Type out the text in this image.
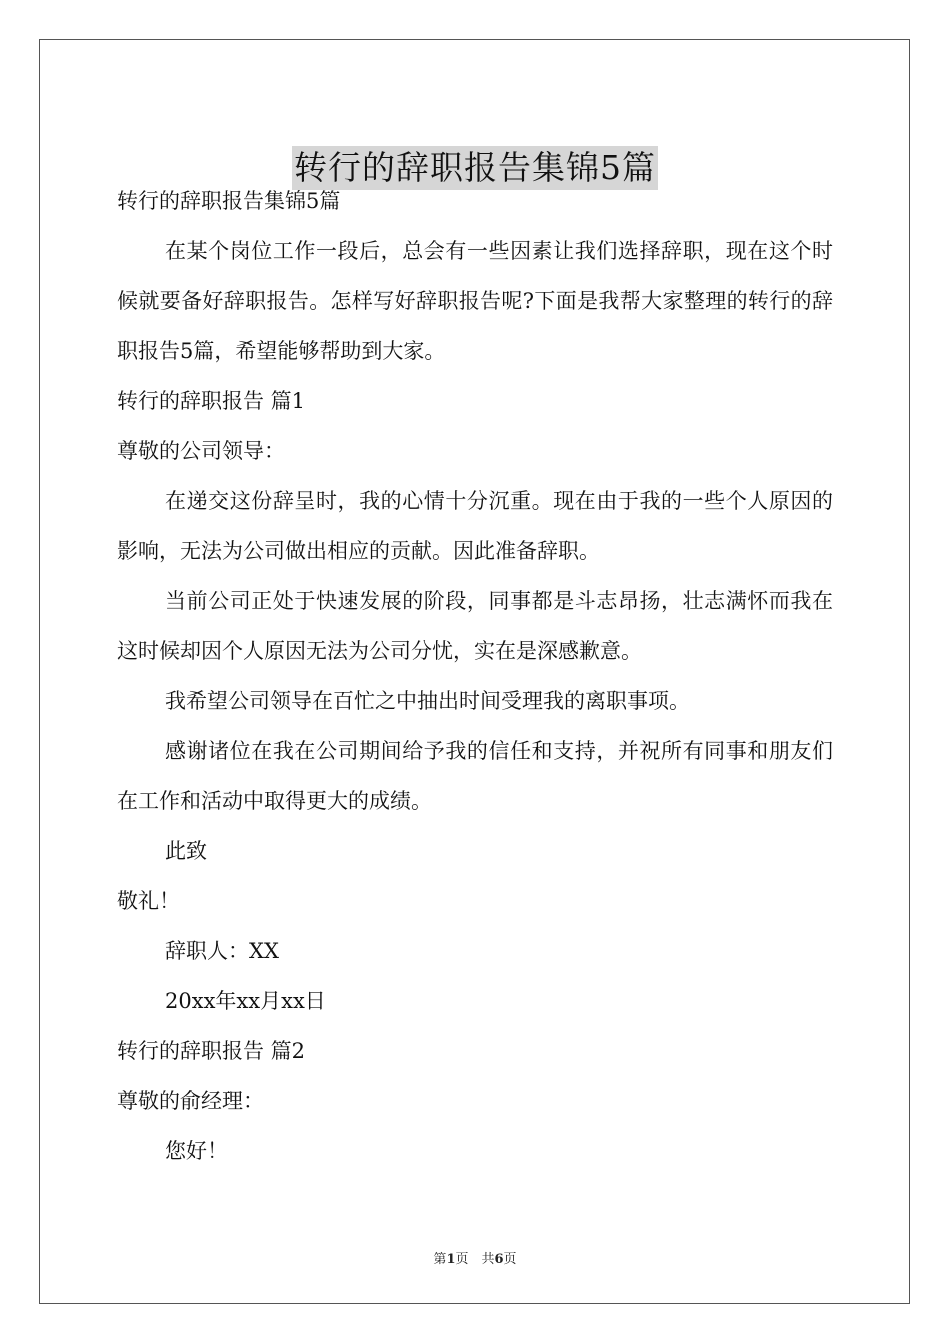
转行的辞职报告集锦5篇

转行的辞职报告集锦5篇

在某个岗位工作一段后，总会有一些因素让我们选择辞职，现在这个时候就要备好辞职报告。怎样写好辞职报告呢?下面是我帮大家整理的转行的辞职报告5篇，希望能够帮助到大家。

转行的辞职报告 篇1

尊敬的公司领导：

在递交这份辞呈时，我的心情十分沉重。现在由于我的一些个人原因的影响，无法为公司做出相应的贡献。因此准备辞职。

当前公司正处于快速发展的阶段，同事都是斗志昂扬，壮志满怀而我在这时候却因个人原因无法为公司分忧，实在是深感歉意。

我希望公司领导在百忙之中抽出时间受理我的离职事项。

感谢诸位在我在公司期间给予我的信任和支持，并祝所有同事和朋友们在工作和活动中取得更大的成绩。

此致

敬礼！

辞职人：XX

20xx年xx月xx日

转行的辞职报告 篇2

尊敬的俞经理：

您好！

第1页　共6页
